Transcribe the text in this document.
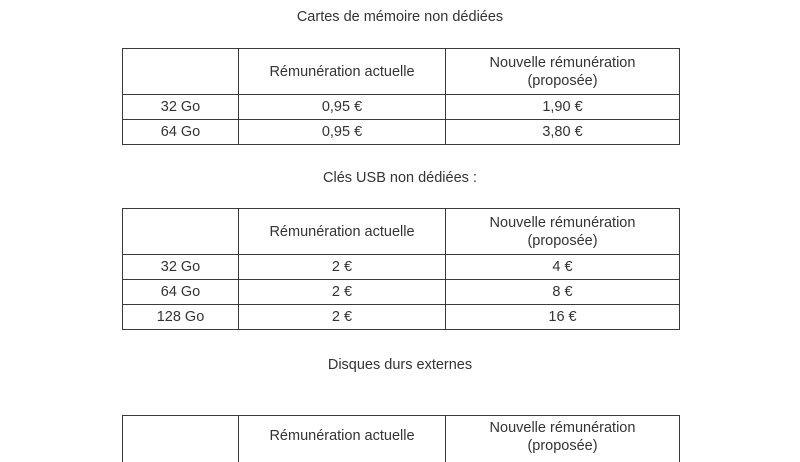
Cartes de mémoire non dédiées
	Rémunération actuelle	Nouvelle rémunération
(proposée)
32 Go	0,95 €	1,90 €
64 Go	0,95 €	3,80 €
Clés USB non dédiées :
	Rémunération actuelle	Nouvelle rémunération
(proposée)
32 Go	2 €	4 €
64 Go	2 €	8 €
128 Go	2 €	16 €
Disques durs externes
	Rémunération actuelle	Nouvelle rémunération
(proposée)
